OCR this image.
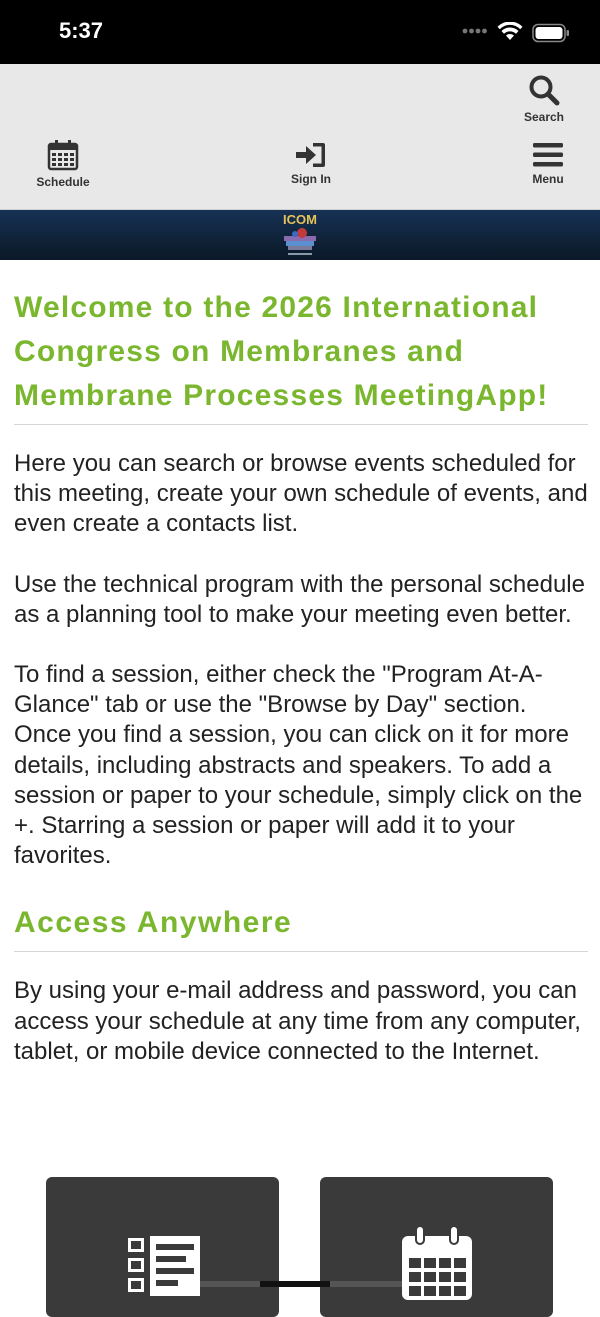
5:37
Search
Schedule	Sign In	Menu
ICOM
Welcome to the 2026 International Congress on Membranes and Membrane Processes MeetingApp!

Here you can search or browse events scheduled for this meeting, create your own schedule of events, and even create a contacts list.

Use the technical program with the personal schedule as a planning tool to make your meeting even better.

To find a session, either check the "Program At-A-Glance" tab or use the "Browse by Day" section. Once you find a session, you can click on it for more details, including abstracts and speakers. To add a session or paper to your schedule, simply click on the +. Starring a session or paper will add it to your favorites.

Access Anywhere

By using your e-mail address and password, you can access your schedule at any time from any computer, tablet, or mobile device connected to the Internet.
